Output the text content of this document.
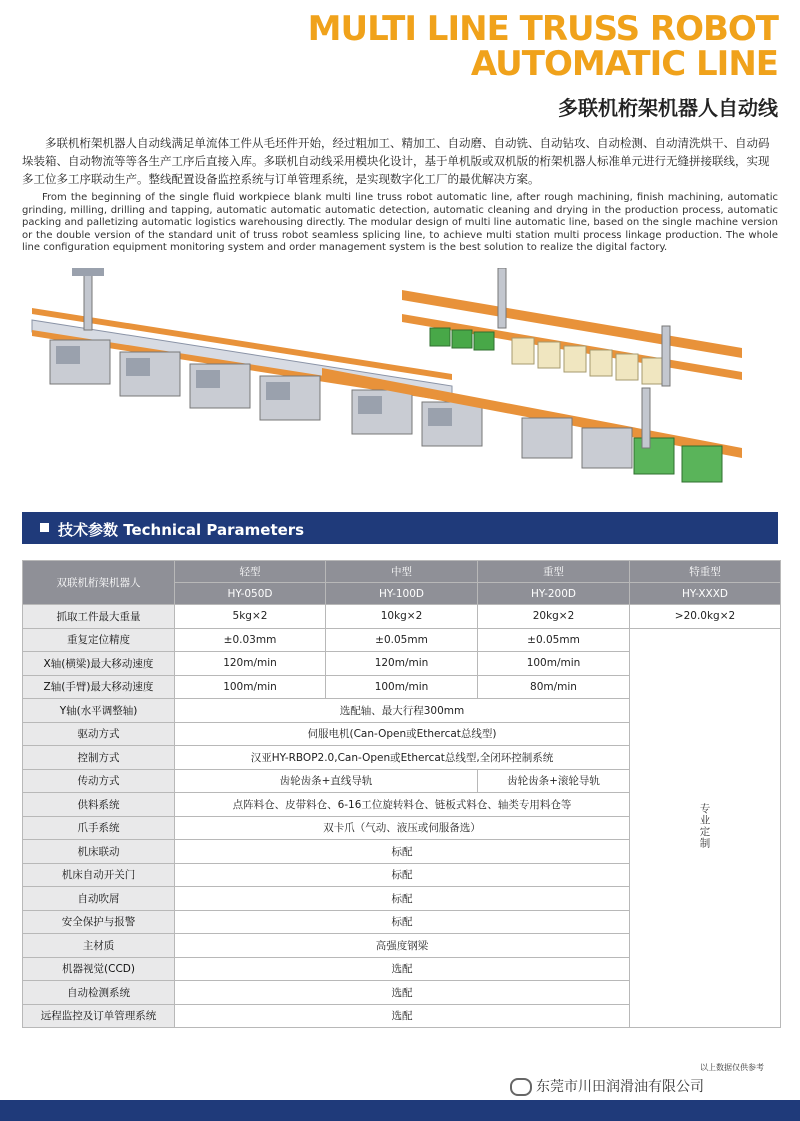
MULTI LINE TRUSS ROBOT
AUTOMATIC LINE
多联机桁架机器人自动线
多联机桁架机器人自动线满足单流体工件从毛坯件开始，经过粗加工、精加工、自动磨、自动铣、自动钻攻、自动检测、自动清洗烘干、自动码垛装箱、自动物流等等各生产工序后直接入库。多联机自动线采用模块化设计，基于单机版或双机版的桁架机器人标准单元进行无缝拼接联线，实现多工位多工序联动生产。整线配置设备监控系统与订单管理系统，是实现数字化工厂的最优解决方案。
From the beginning of the single fluid workpiece blank multi line truss robot automatic line, after rough machining, finish machining, automatic grinding, milling, drilling and tapping, automatic automatic automatic detection, automatic cleaning and drying in the production process, automatic packing and palletizing automatic logistics warehousing directly. The modular design of multi line automatic line, based on the single machine version or the double version of the standard unit of truss robot seamless splicing line, to achieve multi station multi process linkage production. The whole line configuration equipment monitoring system and order management system is the best solution to realize the digital factory.
技术参数 Technical Parameters
双联机桁架机器人	轻型	中型	重型	特重型
	HY-050D	HY-100D	HY-200D	HY-XXXD
抓取工件最大重量	5kg×2	10kg×2	20kg×2	>20.0kg×2
重复定位精度	±0.03mm	±0.05mm	±0.05mm	专业定制
X轴(横梁)最大移动速度	120m/min	120m/min	100m/min	
Z轴(手臂)最大移动速度	100m/min	100m/min	80m/min	
Y轴(水平调整轴)	选配轴、最大行程300mm			
驱动方式	伺服电机(Can-Open或Ethercat总线型)			
控制方式	汉亚HY-RBOP2.0,Can-Open或Ethercat总线型,全闭环控制系统			
传动方式	齿轮齿条+直线导轨		齿轮齿条+滚轮导轨	
供料系统	点阵料仓、皮带料仓、6-16工位旋转料仓、链板式料仓、轴类专用料仓等			
爪手系统	双卡爪（气动、液压或伺服备选）			
机床联动	标配			
机床自动开关门	标配			
自动吹屑	标配			
安全保护与报警	标配			
主材质	高强度钢梁			
机器视觉(CCD)	选配			
自动检测系统	选配			
远程监控及订单管理系统	选配			
以上数据仅供参考
东莞市川田润滑油有限公司
